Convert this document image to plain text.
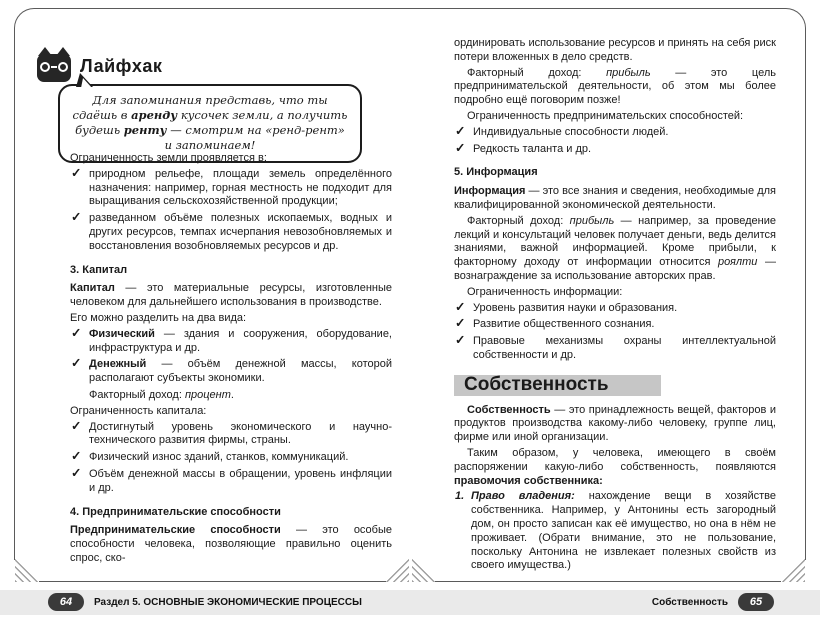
Лайфхак
Для запоминания представь, что ты сдаёшь в аренду кусочек земли, а получить будешь ренту — смотрим на «ренд-рент» и запоминаем!

Ограниченность земли проявляется в:

✓ природном рельефе, площади земель определённого назначения: например, горная местность не подходит для выращивания сельскохозяйственной продукции;
✓ разведанном объёме полезных ископаемых, водных и других ресурсов, темпах исчерпания невозобновляемых и восстановления возобновляемых ресурсов и др.
3. Капитал

Капитал — это материальные ресурсы, изготовленные человеком для дальнейшего использования в производстве.

Его можно разделить на два вида:

✓ Физический — здания и сооружения, оборудование, инфраструктура и др.
✓ Денежный — объём денежной массы, которой располагают субъекты экономики.

Факторный доход: процент.

Ограниченность капитала:

✓ Достигнутый уровень экономического и научно-технического развития фирмы, страны.
✓ Физический износ зданий, станков, коммуникаций.
✓ Объём денежной массы в обращении, уровень инфляции и др.
4. Предпринимательские способности

Предпринимательские способности — это особые способности человека, позволяющие правильно оценить спрос, ско-

ординировать использование ресурсов и принять на себя риск потери вложенных в дело средств.

Факторный доход: прибыль — это цель предпринимательской деятельности, об этом мы более подробно ещё поговорим позже!

Ограниченность предпринимательских способностей:

✓ Индивидуальные способности людей.
✓ Редкость таланта и др.
5. Информация

Информация — это все знания и сведения, необходимые для квалифицированной экономической деятельности.

Факторный доход: прибыль — например, за проведение лекций и консультаций человек получает деньги, ведь делится знаниями, важной информацией. Кроме прибыли, к факторному доходу от информации относится роялти — вознаграждение за использование авторских прав.

Ограниченность информации:

✓ Уровень развития науки и образования.
✓ Развитие общественного сознания.
✓ Правовые механизмы охраны интеллектуальной собственности и др.
Собственность

Собственность — это принадлежность вещей, факторов и продуктов производства какому-либо человеку, группе лиц, фирме или иной организации.

Таким образом, у человека, имеющего в своём распоряжении какую-либо собственность, появляются правомочия собственника:

1. Право владения: нахождение вещи в хозяйстве собственника. Например, у Антонины есть загородный дом, он просто записан как её имущество, но она в нём не проживает. (Обрати внимание, это не пользование, поскольку Антонина не извлекает полезных свойств из своего имущества.)
64	Раздел 5. ОСНОВНЫЕ ЭКОНОМИЧЕСКИЕ ПРОЦЕССЫ	Собственность	65
